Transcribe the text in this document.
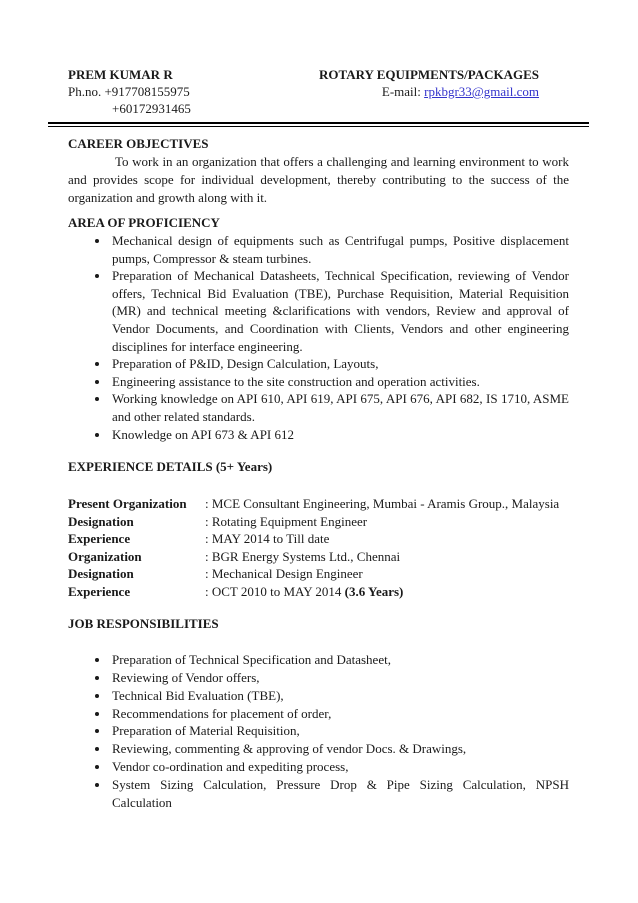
PREM KUMAR R
Ph.no. +917708155975
+60172931465
ROTARY EQUIPMENTS/PACKAGES
E-mail: rpkbgr33@gmail.com
CAREER OBJECTIVES

To work in an organization that offers a challenging and learning environment to work and provides scope for individual development, thereby contributing to the success of the organization and growth along with it.

AREA OF PROFICIENCY
• Mechanical design of equipments such as Centrifugal pumps, Positive displacement pumps, Compressor & steam turbines.
• Preparation of Mechanical Datasheets, Technical Specification, reviewing of Vendor offers, Technical Bid Evaluation (TBE), Purchase Requisition, Material Requisition (MR) and technical meeting &clarifications with vendors, Review and approval of Vendor Documents, and Coordination with Clients, Vendors and other engineering disciplines for interface engineering.
• Preparation of P&ID, Design Calculation, Layouts,
• Engineering assistance to the site construction and operation activities.
• Working knowledge on API 610, API 619, API 675, API 676, API 682, IS 1710, ASME and other related standards.
• Knowledge on API 673 & API 612
EXPERIENCE DETAILS (5+ Years)
Present Organization	: MCE Consultant Engineering, Mumbai - Aramis Group., Malaysia
Designation	: Rotating Equipment Engineer
Experience	: MAY 2014 to Till date
Organization	: BGR Energy Systems Ltd., Chennai
Designation	: Mechanical Design Engineer
Experience	: OCT 2010 to MAY 2014 (3.6 Years)
JOB RESPONSIBILITIES
• Preparation of Technical Specification and Datasheet,
• Reviewing of Vendor offers,
• Technical Bid Evaluation (TBE),
• Recommendations for placement of order,
• Preparation of Material Requisition,
• Reviewing, commenting & approving of vendor Docs. & Drawings,
• Vendor co-ordination and expediting process,
• System Sizing Calculation, Pressure Drop & Pipe Sizing Calculation, NPSH Calculation
